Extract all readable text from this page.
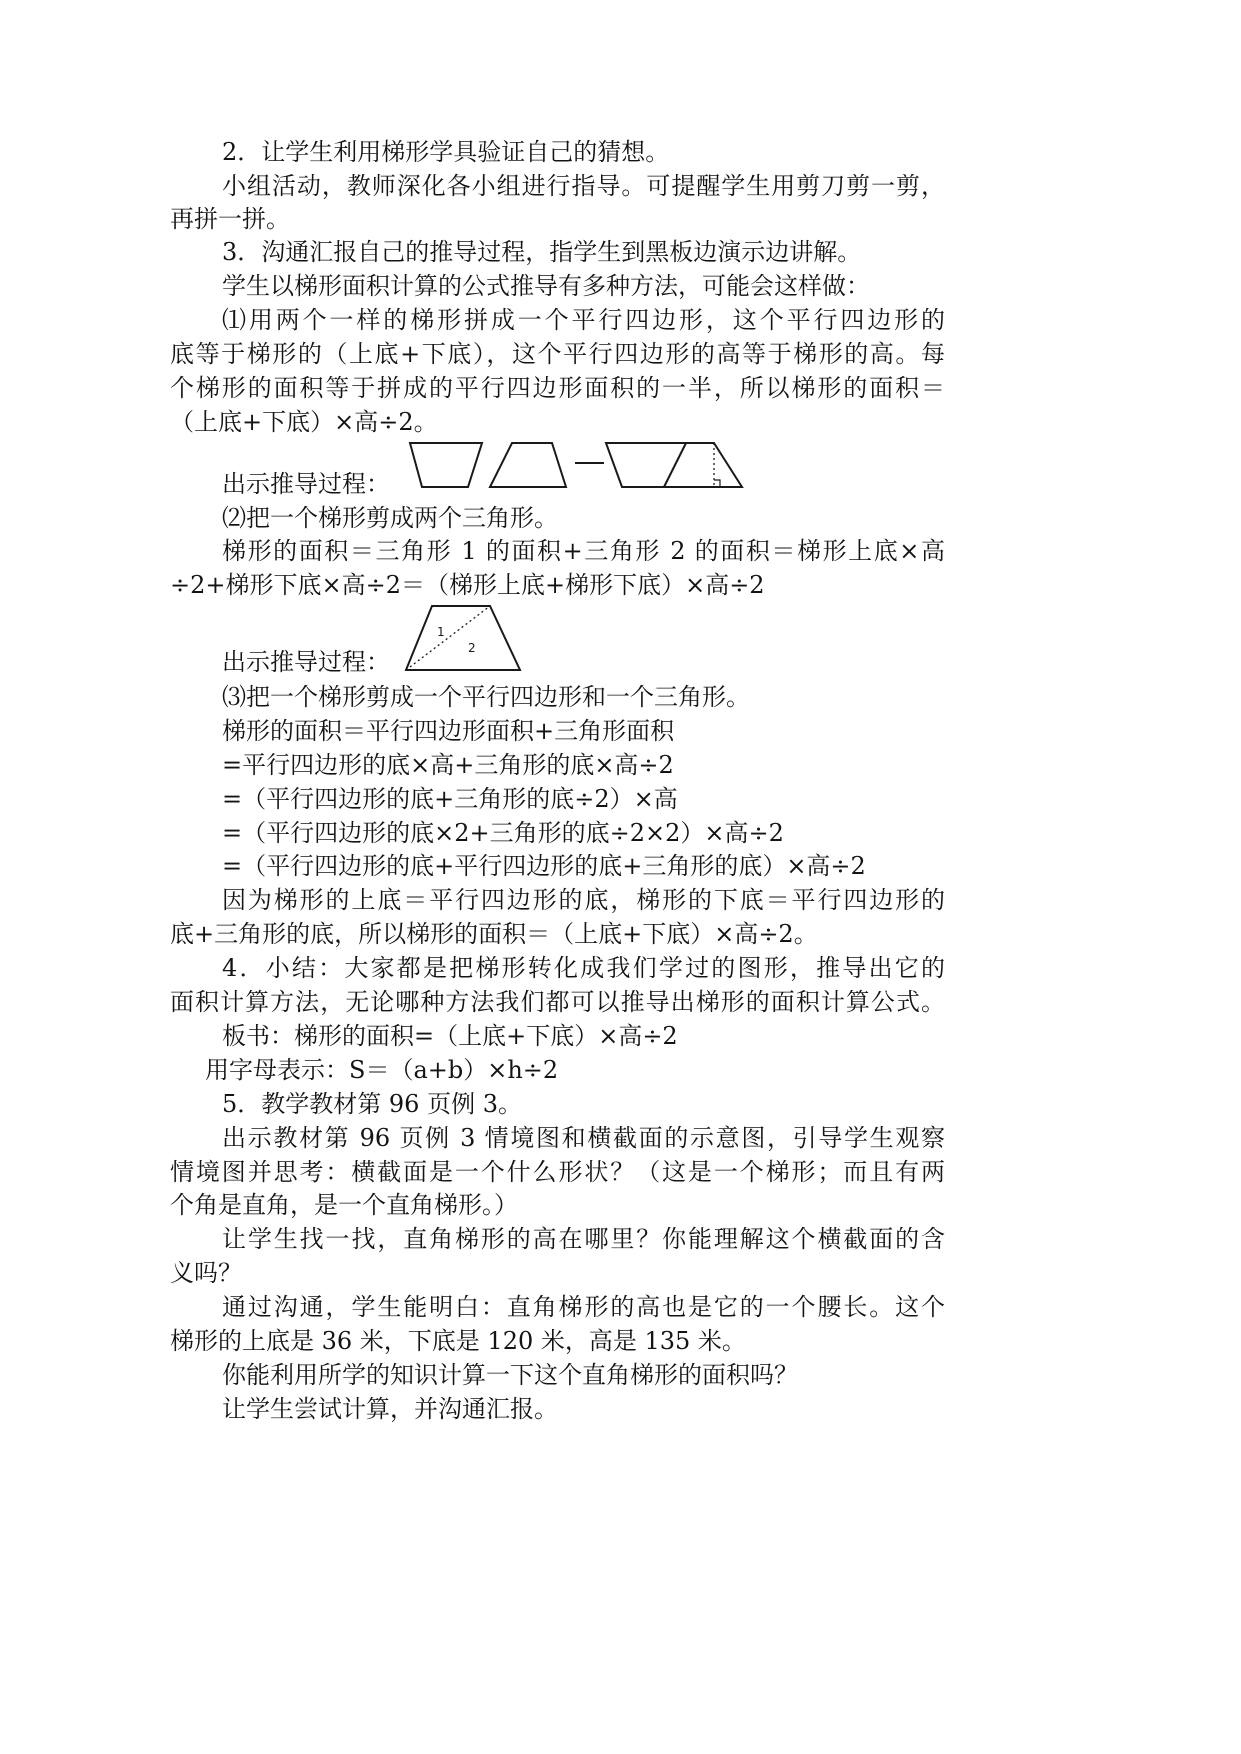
2．让学生利用梯形学具验证自己的猜想。
小组活动，教师深化各小组进行指导。可提醒学生用剪刀剪一剪，
再拼一拼。
3．沟通汇报自己的推导过程，指学生到黑板边演示边讲解。
学生以梯形面积计算的公式推导有多种方法，可能会这样做：
⑴用两个一样的梯形拼成一个平行四边形，这个平行四边形的
底等于梯形的（上底+下底），这个平行四边形的高等于梯形的高。每
个梯形的面积等于拼成的平行四边形面积的一半，所以梯形的面积＝
（上底+下底）×高÷2。
出示推导过程：
⑵把一个梯形剪成两个三角形。
梯形的面积＝三角形 1 的面积+三角形 2 的面积＝梯形上底×高
÷2+梯形下底×高÷2＝（梯形上底+梯形下底）×高÷2
1
2
出示推导过程：
⑶把一个梯形剪成一个平行四边形和一个三角形。
梯形的面积＝平行四边形面积+三角形面积
=平行四边形的底×高+三角形的底×高÷2
=（平行四边形的底+三角形的底÷2）×高
=（平行四边形的底×2+三角形的底÷2×2）×高÷2
=（平行四边形的底+平行四边形的底+三角形的底）×高÷2
因为梯形的上底＝平行四边形的底，梯形的下底＝平行四边形的
底+三角形的底，所以梯形的面积＝（上底+下底）×高÷2。
4．小结：大家都是把梯形转化成我们学过的图形，推导出它的
面积计算方法，无论哪种方法我们都可以推导出梯形的面积计算公式。
板书：梯形的面积=（上底+下底）×高÷2
用字母表示：S＝（a+b）×h÷2
5．教学教材第 96 页例 3。
出示教材第 96 页例 3 情境图和横截面的示意图，引导学生观察
情境图并思考：横截面是一个什么形状？（这是一个梯形；而且有两
个角是直角，是一个直角梯形。）
让学生找一找，直角梯形的高在哪里？你能理解这个横截面的含
义吗？
通过沟通，学生能明白：直角梯形的高也是它的一个腰长。这个
梯形的上底是 36 米，下底是 120 米，高是 135 米。
你能利用所学的知识计算一下这个直角梯形的面积吗？
让学生尝试计算，并沟通汇报。
